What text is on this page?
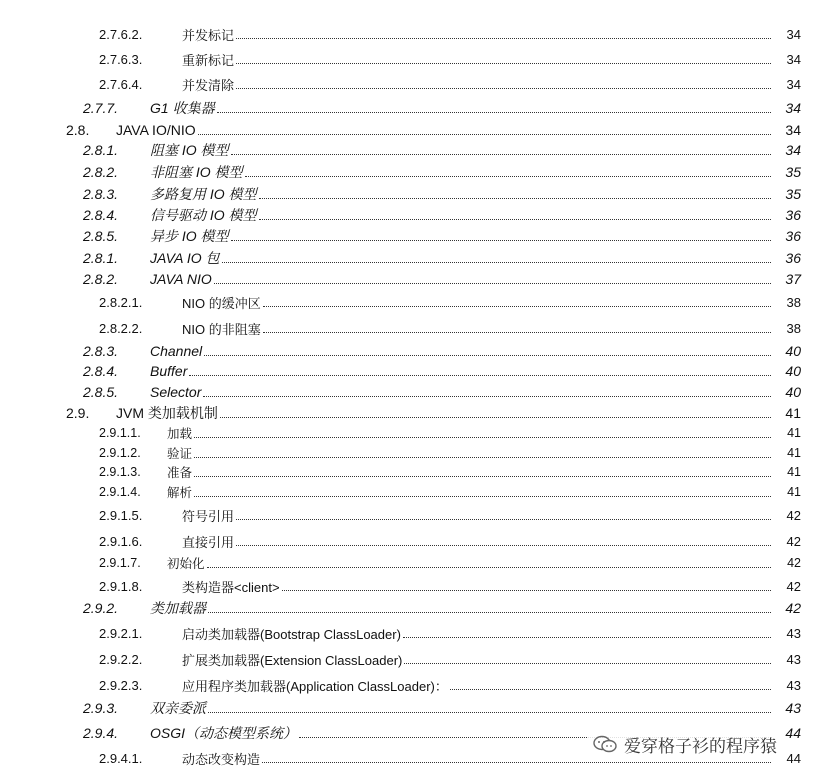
2.7.6.2.	并发标记	34
2.7.6.3.	重新标记	34
2.7.6.4.	并发清除	34
2.7.7.	G1 收集器	34
2.8.	JAVA IO/NIO	34
2.8.1.	阻塞 IO 模型	34
2.8.2.	非阻塞 IO 模型	35
2.8.3.	多路复用 IO 模型	35
2.8.4.	信号驱动 IO 模型	36
2.8.5.	异步 IO 模型	36
2.8.1.	JAVA IO 包	36
2.8.2.	JAVA NIO	37
2.8.2.1.	NIO 的缓冲区	38
2.8.2.2.	NIO 的非阻塞	38
2.8.3.	Channel	40
2.8.4.	Buffer	40
2.8.5.	Selector	40
2.9.	JVM 类加载机制	41
2.9.1.1.	加载	41
2.9.1.2.	验证	41
2.9.1.3.	准备	41
2.9.1.4.	解析	41
2.9.1.5.	符号引用	42
2.9.1.6.	直接引用	42
2.9.1.7.	初始化	42
2.9.1.8.	类构造器<client>	42
2.9.2.	类加载器	42
2.9.2.1.	启动类加载器(Bootstrap ClassLoader)	43
2.9.2.2.	扩展类加载器(Extension ClassLoader)	43
2.9.2.3.	应用程序类加载器(Application ClassLoader)：	43
2.9.3.	双亲委派	43
2.9.4.	OSGI（动态模型系统）	44
2.9.4.1.	动态改变构造	44
爱穿格子衫的程序猿
